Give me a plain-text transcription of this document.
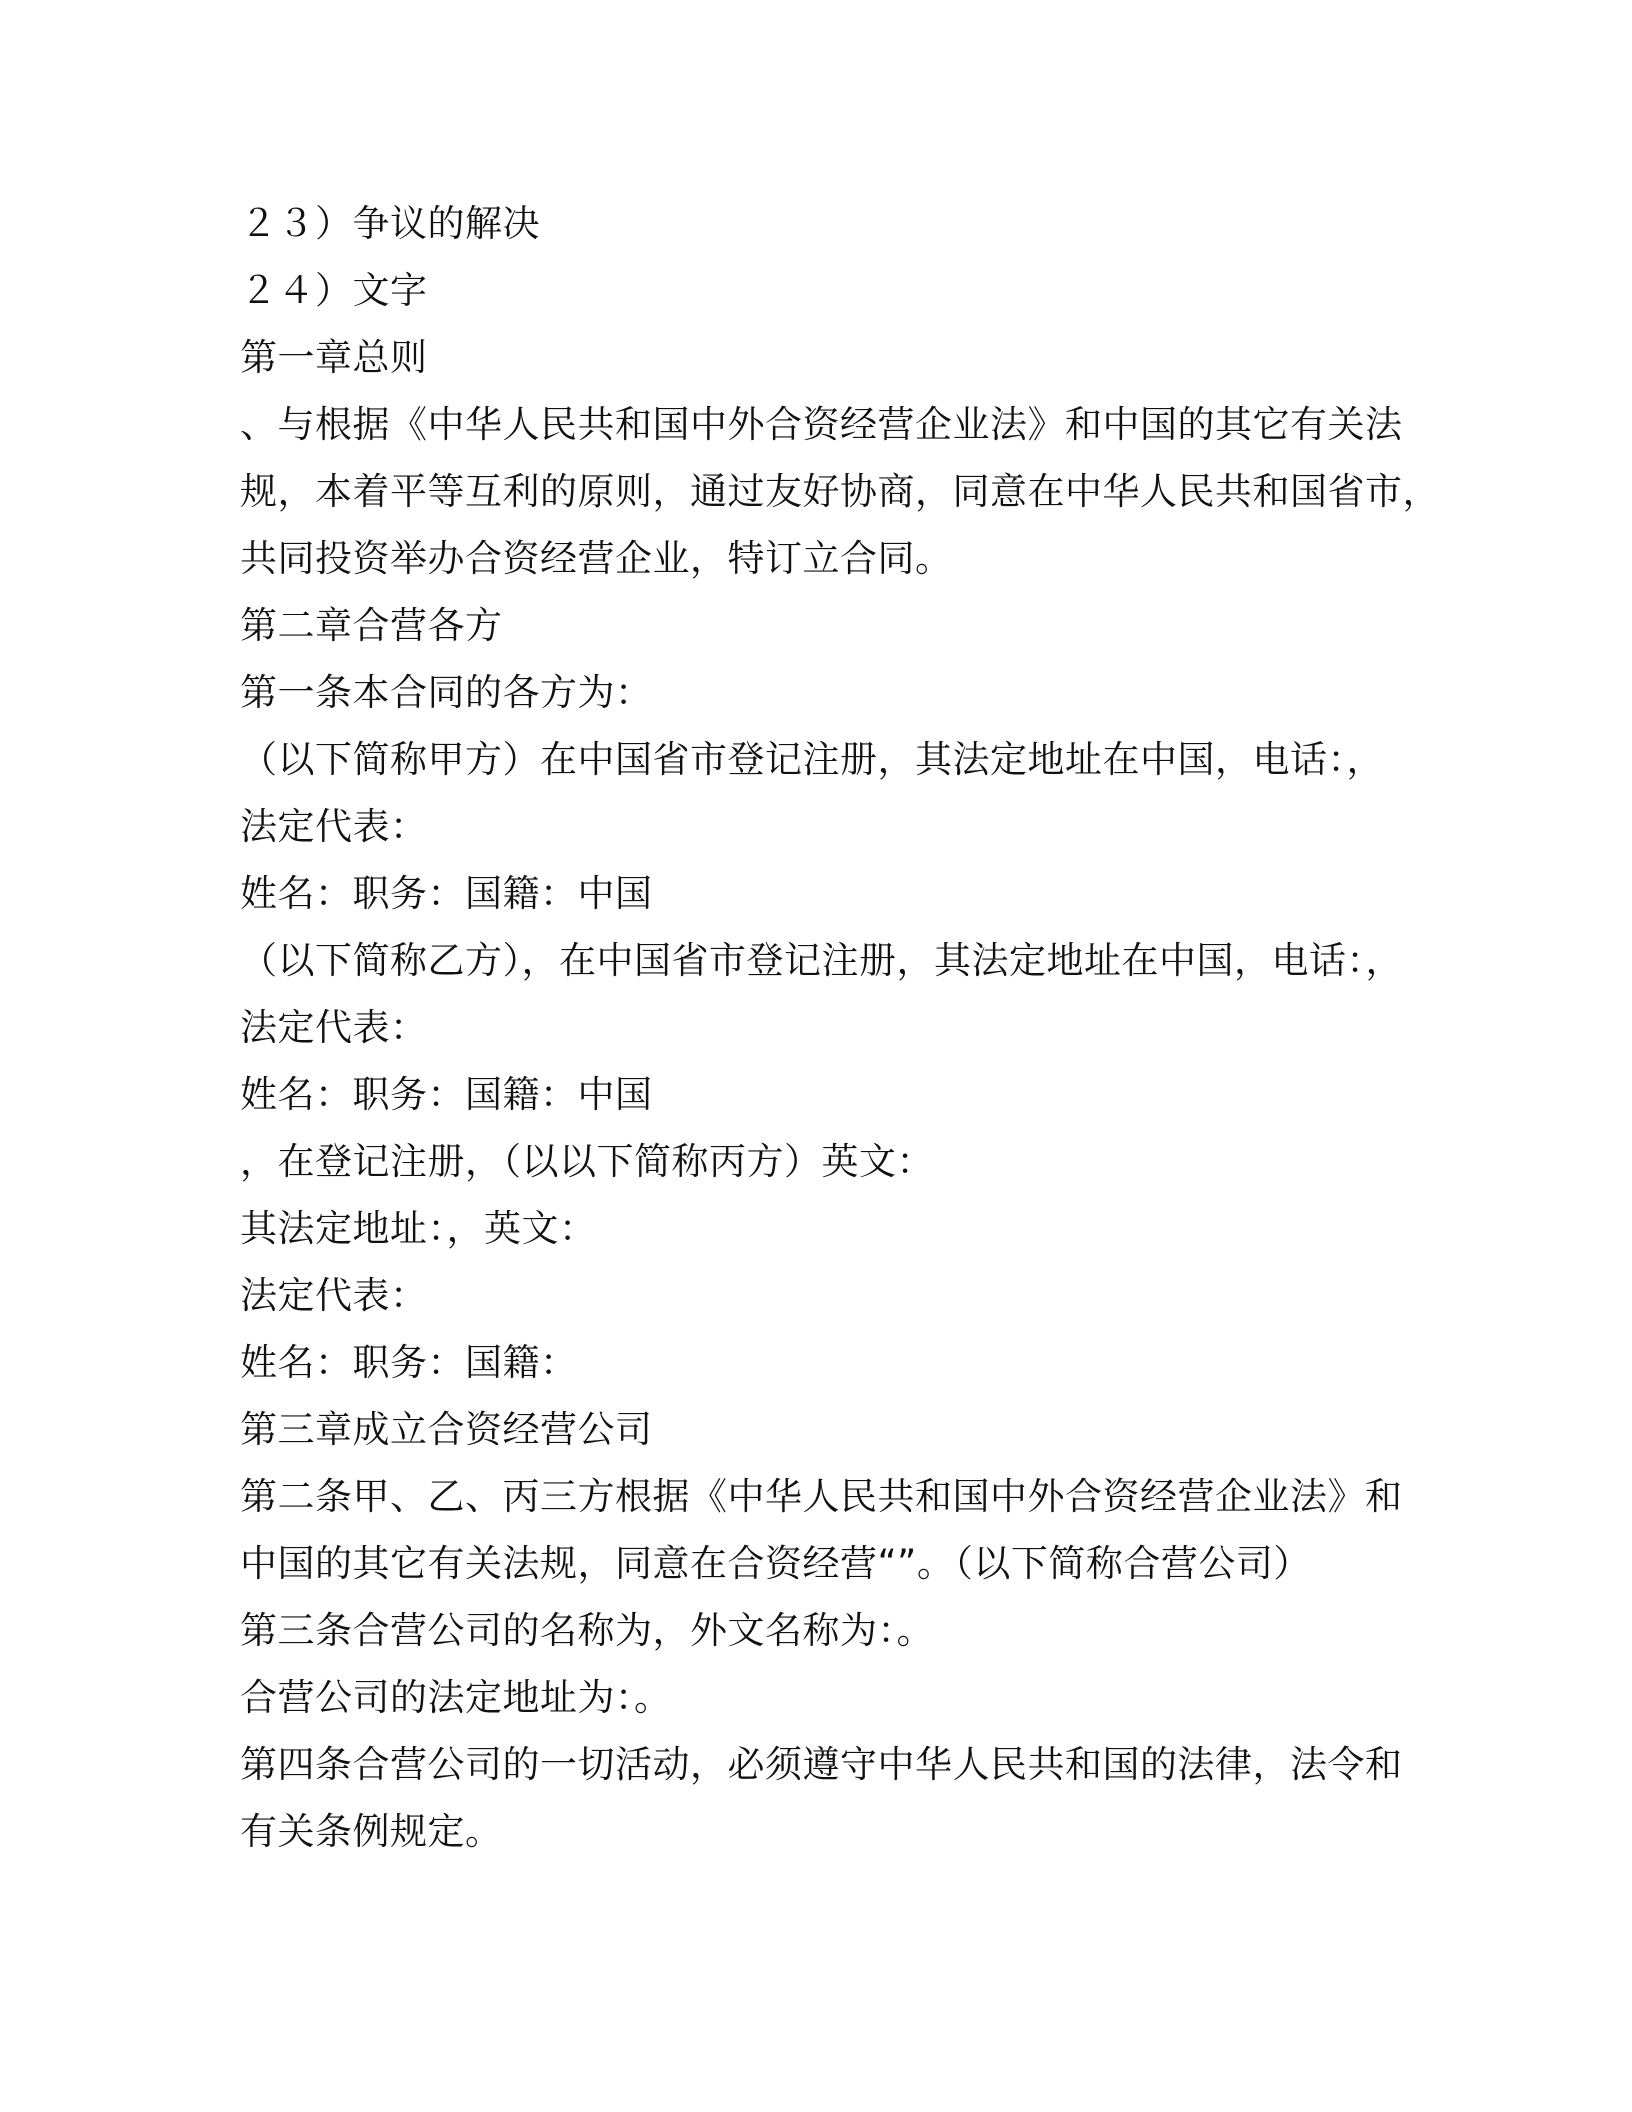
２３）争议的解决
２４）文字
第一章总则
、与根据《中华人民共和国中外合资经营企业法》和中国的其它有关法
规，本着平等互利的原则，通过友好协商，同意在中华人民共和国省市，
共同投资举办合资经营企业，特订立合同。
第二章合营各方
第一条本合同的各方为：
（以下简称甲方）在中国省市登记注册，其法定地址在中国，电话：，
法定代表：
姓名：职务：国籍：中国
（以下简称乙方），在中国省市登记注册，其法定地址在中国，电话：，
法定代表：
姓名：职务：国籍：中国
，在登记注册，（以以下简称丙方）英文：
其法定地址：，英文：
法定代表：
姓名：职务：国籍：
第三章成立合资经营公司
第二条甲、乙、丙三方根据《中华人民共和国中外合资经营企业法》和
中国的其它有关法规，同意在合资经营“”。（以下简称合营公司）
第三条合营公司的名称为，外文名称为：。
合营公司的法定地址为：。
第四条合营公司的一切活动，必须遵守中华人民共和国的法律，法令和
有关条例规定。
